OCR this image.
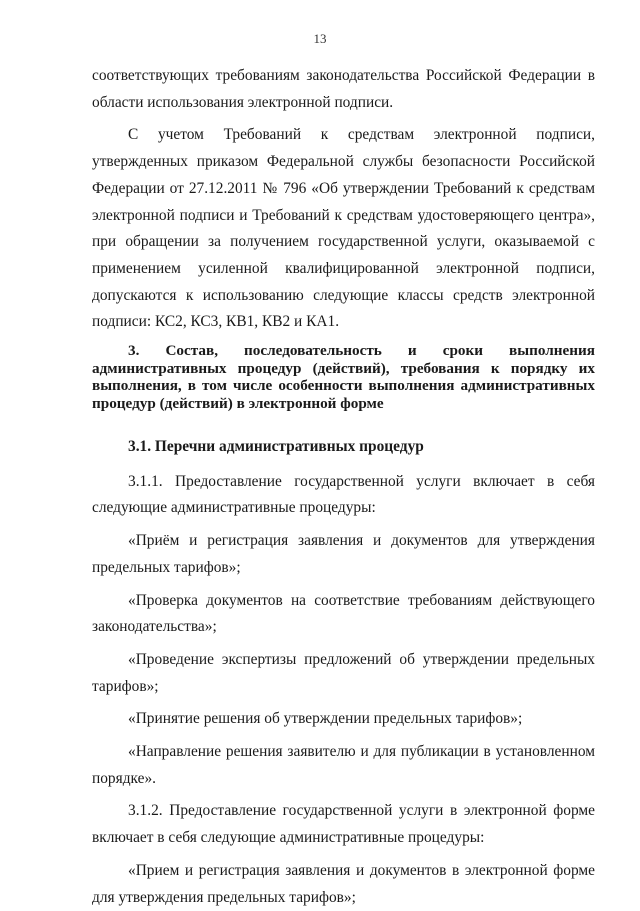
13

соответствующих требованиям законодательства Российской Федерации в области использования электронной подписи.

С учетом Требований к средствам электронной подписи, утвержденных приказом Федеральной службы безопасности Российской Федерации от 27.12.2011 № 796 «Об утверждении Требований к средствам электронной подписи и Требований к средствам удостоверяющего центра», при обращении за получением государственной услуги, оказываемой с применением усиленной квалифицированной электронной подписи, допускаются к использованию следующие классы средств электронной подписи: КС2, КС3, КВ1, КВ2 и КА1.

3. Состав, последовательность и сроки выполнения административных процедур (действий), требования к порядку их выполнения, в том числе особенности выполнения административных процедур (действий) в электронной форме

3.1. Перечни административных процедур

3.1.1. Предоставление государственной услуги включает в себя следующие административные процедуры:

«Приём и регистрация заявления и документов для утверждения предельных тарифов»;

«Проверка документов на соответствие требованиям действующего законодательства»;

«Проведение экспертизы предложений об утверждении предельных тарифов»;

«Принятие решения об утверждении предельных тарифов»;

«Направление решения заявителю и для публикации в установленном порядке».

3.1.2. Предоставление государственной услуги в электронной форме включает в себя следующие административные процедуры:

«Прием и регистрация заявления и документов в электронной форме для утверждения предельных тарифов»;
